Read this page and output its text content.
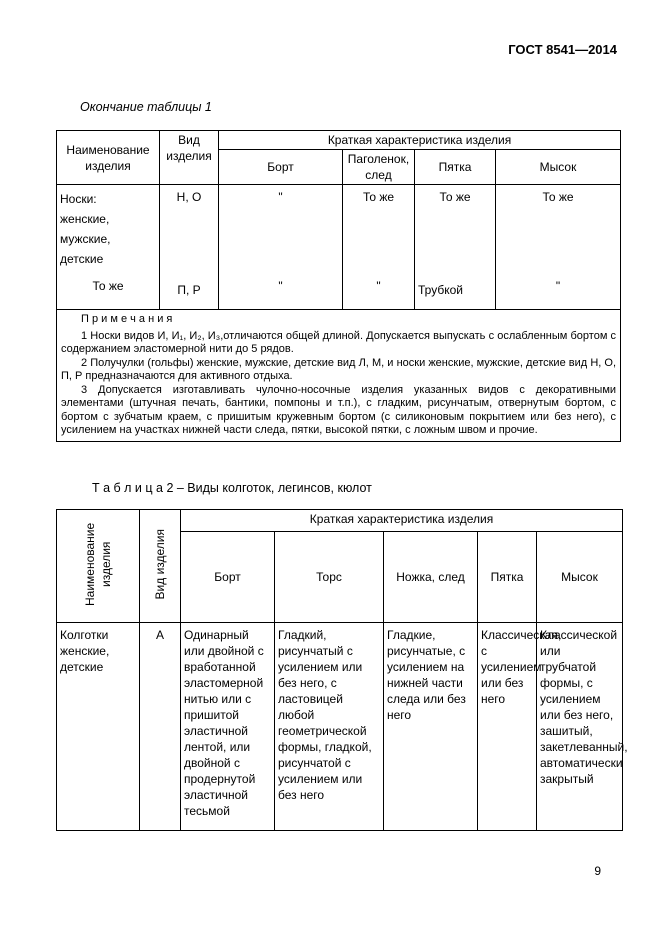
ГОСТ 8541—2014
Окончание таблицы 1
Наименование изделия	Вид изделия	Краткая характеристика изделия			
		Борт	Паголенок, след	Пятка	Мысок

Носки:
женские,
мужские,
детские	Н, О	"	То же	То же	То же
То же	П, Р	"	"	Трубкой	"

П р и м е ч а н и я

1 Носки видов И, И₁, И₂, И₃,отличаются общей длиной. Допускается выпускать с ослабленным бортом с содержанием эластомерной нити до 5 рядов.

2 Получулки (гольфы) женские, мужские, детские вид Л, М, и носки женские, мужские, детские вид Н, О, П, Р предназначаются для активного отдыха.

3 Допускается изготавливать чулочно-носочные изделия указанных видов с декоративными элементами (штучная печать, бантики, помпоны и т.п.), с гладким, рисунчатым, отвернутым бортом, с бортом с зубчатым краем, с пришитым кружевным бортом (с силиконовым покрытием или без него), с усилением на участках нижней части следа, пятки, высокой пятки, с ложным швом и прочие.					

Т а б л и ц а 2 – Виды колготок, легинсов, кюлот
Наименование изделия	Вид изделия	Краткая характеристика изделия				
		Борт	Торс	Ножка, след	Пятка	Мысок
Колготки женские, детские	А	Одинарный или двойной с вработанной эластомерной нитью или с пришитой эластичной лентой, или двойной с продернутой эластичной тесьмой	Гладкий, рисунчатый с усилением или без него, с ластовицей любой геометрической формы, гладкой, рисунчатой с усилением или без него	Гладкие, рисунчатые, с усилением на нижней части следа или без него	Классическая, с усилением или без него	Классической или трубчатой формы, с усилением или без него, зашитый, закетлеванный, автоматически закрытый
9
